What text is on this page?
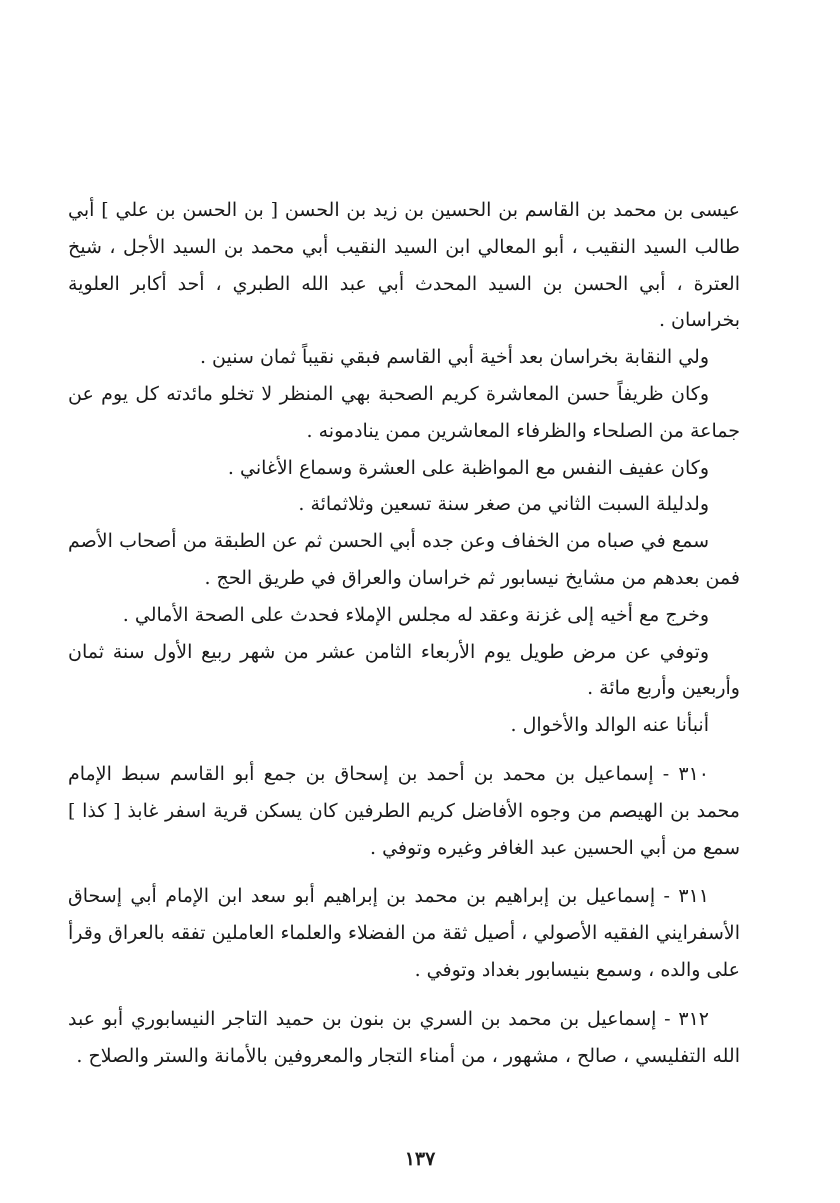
عيسى بن محمد بن القاسم بن الحسين بن زيد بن الحسن [ بن الحسن بن علي ] أبي طالب السيد النقيب ، أبو المعالي ابن السيد النقيب أبي محمد بن السيد الأجل ، شيخ العترة ، أبي الحسن بن السيد المحدث أبي عبد الله الطبري ، أحد أكابر العلوية بخراسان .

ولي النقابة بخراسان بعد أخية أبي القاسم فبقي نقيباً ثمان سنين .

وكان ظريفاً حسن المعاشرة كريم الصحبة بهي المنظر لا تخلو مائدته كل يوم عن جماعة من الصلحاء والظرفاء المعاشرين ممن ينادمونه .

وكان عفيف النفس مع المواظبة على العشرة وسماع الأغاني .

ولدليلة السبت الثاني من صغر سنة تسعين وثلاثمائة .

سمع في صباه من الخفاف وعن جده أبي الحسن ثم عن الطبقة من أصحاب الأصم فمن بعدهم من مشايخ نيسابور ثم خراسان والعراق في طريق الحج .

وخرج مع أخيه إلى غزنة وعقد له مجلس الإملاء فحدث على الصحة الأمالي .

وتوفي عن مرض طويل يوم الأربعاء الثامن عشر من شهر ربيع الأول سنة ثمان وأربعين وأربع مائة .

أنبأنا عنه الوالد والأخوال .

٣١٠ - إسماعيل بن محمد بن أحمد بن إسحاق بن جمع أبو القاسم سبط الإمام محمد بن الهيصم من وجوه الأفاضل كريم الطرفين كان يسكن قرية اسفر غابذ [ كذا ] سمع من أبي الحسين عبد الغافر وغيره وتوفي .

٣١١ - إسماعيل بن إبراهيم بن محمد بن إبراهيم أبو سعد ابن الإمام أبي إسحاق الأسفرايني الفقيه الأصولي ، أصيل ثقة من الفضلاء والعلماء العاملين تفقه بالعراق وقرأ على والده ، وسمع بنيسابور بغداد وتوفي .

٣١٢ - إسماعيل بن محمد بن السري بن بنون بن حميد التاجر النيسابوري أبو عبد الله التفليسي ، صالح ، مشهور ، من أمناء التجار والمعروفين بالأمانة والستر والصلاح .

١٣٧
